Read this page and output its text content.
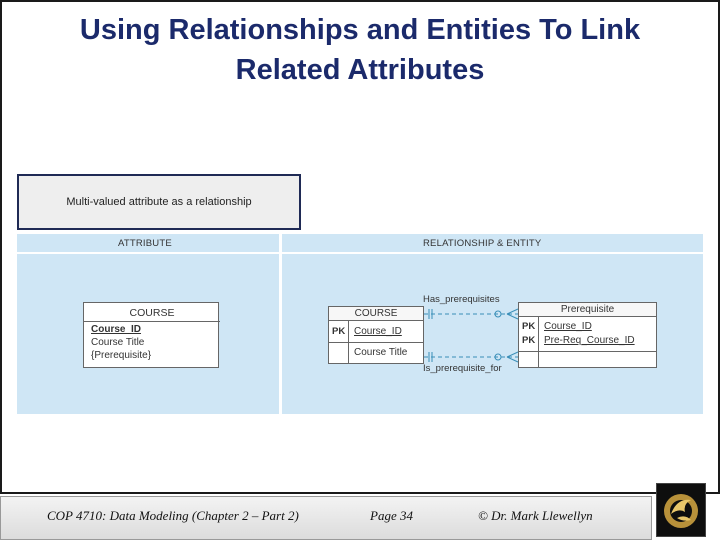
Using Relationships and Entities To Link
Related Attributes
Multi-valued attribute as a relationship
ATTRIBUTE	RELATIONSHIP & ENTITY
COURSE
Course_ID
Course Title
{Prerequisite}
COURSE
PK Course_ID
Course Title
Prerequisite
PK
PK
Course_ID
Pre-Req_Course_ID
Has_prerequisites
Is_prerequisite_for
COP 4710: Data Modeling (Chapter 2 – Part 2)	Page 34	© Dr. Mark Llewellyn
